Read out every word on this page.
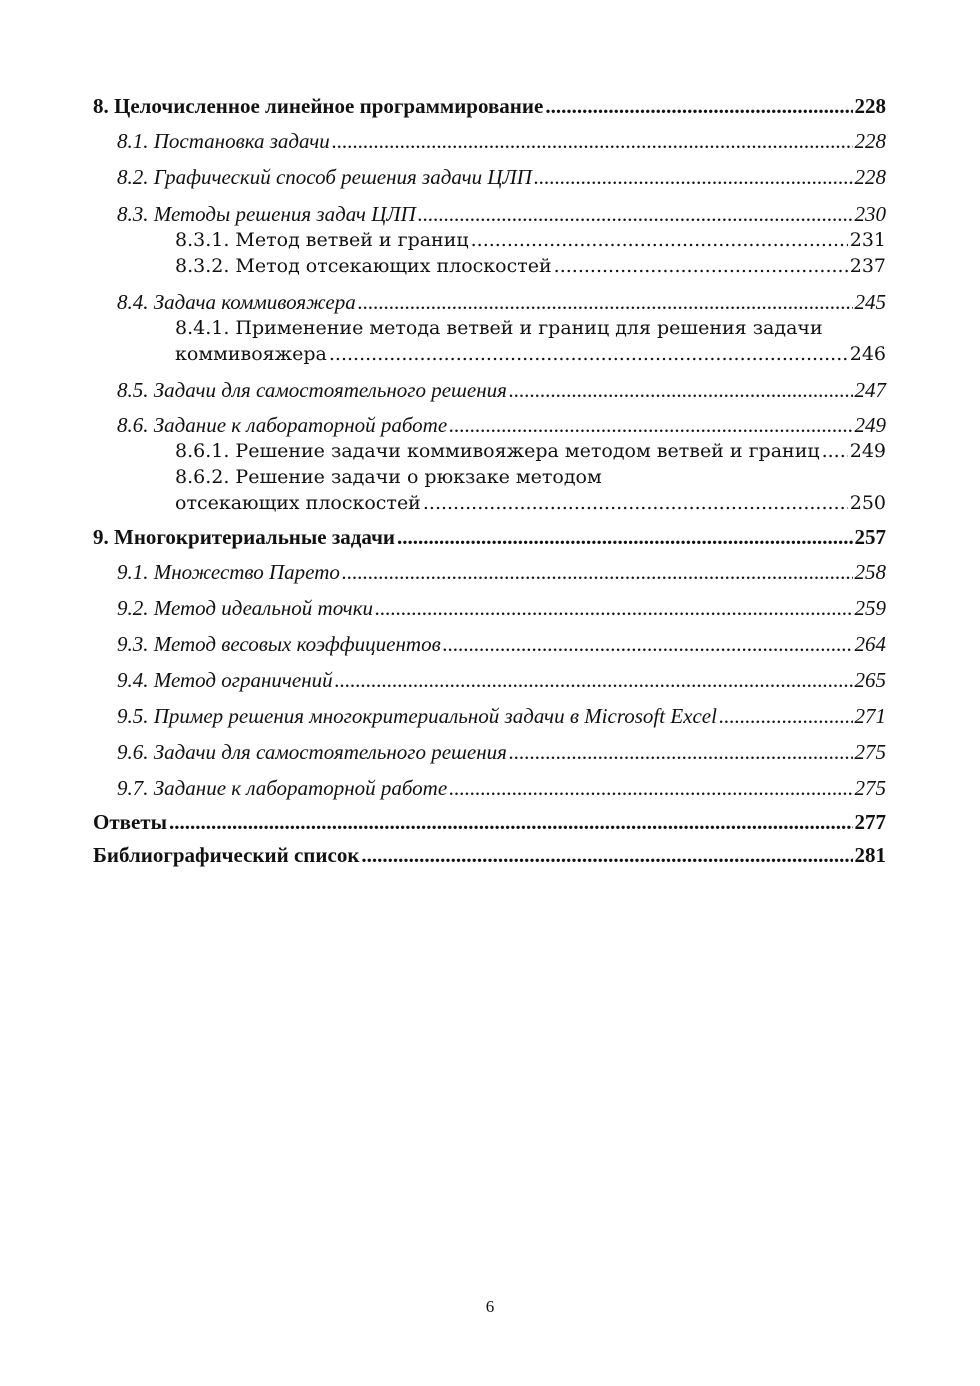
8. Целочисленное линейное программирование .....	228
8.1. Постановка задачи .....	228
8.2. Графический способ решения задачи ЦЛП .....	228
8.3. Методы решения задач ЦЛП .....	230
8.3.1. Метод ветвей и границ .....	231
8.3.2. Метод отсекающих плоскостей .....	237
8.4. Задача коммивояжера .....	245
8.4.1. Применение метода ветвей и границ для решения задачи
коммивояжера .....	246
8.5. Задачи для самостоятельного решения .....	247
8.6. Задание к лабораторной работе .....	249
8.6.1. Решение задачи коммивояжера методом ветвей и границ ..... 249
8.6.2. Решение задачи о рюкзаке методом
отсекающих плоскостей .....	250
9. Многокритериальные задачи .....	257
9.1. Множество Парето .....	258
9.2. Метод идеальной точки .....	259
9.3. Метод весовых коэффициентов .....	264
9.4. Метод ограничений .....	265
9.5. Пример решения многокритериальной задачи в Microsoft Excel .....	271
9.6. Задачи для самостоятельного решения .....	275
9.7. Задание к лабораторной работе .....	275
Ответы .....	277
Библиографический список .....	281
6
